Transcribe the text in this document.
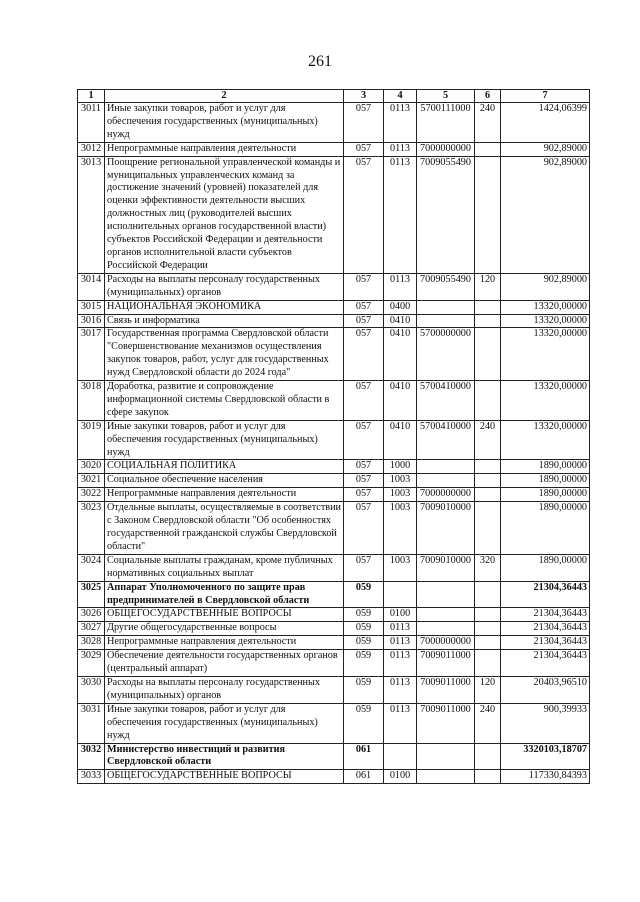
261
1	2	3	4	5	6	7
3011	Иные закупки товаров, работ и услуг для обеспечения государственных (муниципальных) нужд	057	0113	5700111000	240	1424,06399
3012	Непрограммные направления деятельности	057	0113	7000000000		902,89000
3013	Поощрение региональной управленческой команды и муниципальных управленческих команд за достижение значений (уровней) показателей для оценки эффективности деятельности высших должностных лиц (руководителей высших исполнительных органов государственной власти) субъектов Российской Федерации и деятельности органов исполнительной власти субъектов Российской Федерации	057	0113	7009055490		902,89000
3014	Расходы на выплаты персоналу государственных (муниципальных) органов	057	0113	7009055490	120	902,89000
3015	НАЦИОНАЛЬНАЯ ЭКОНОМИКА	057	0400			13320,00000
3016	Связь и информатика	057	0410			13320,00000
3017	Государственная программа Свердловской области "Совершенствование механизмов осуществления закупок товаров, работ, услуг для государственных нужд Свердловской области до 2024 года"	057	0410	5700000000		13320,00000
3018	Доработка, развитие и сопровождение информационной системы Свердловской области в сфере закупок	057	0410	5700410000		13320,00000
3019	Иные закупки товаров, работ и услуг для обеспечения государственных (муниципальных) нужд	057	0410	5700410000	240	13320,00000
3020	СОЦИАЛЬНАЯ ПОЛИТИКА	057	1000			1890,00000
3021	Социальное обеспечение населения	057	1003			1890,00000
3022	Непрограммные направления деятельности	057	1003	7000000000		1890,00000
3023	Отдельные выплаты, осуществляемые в соответствии с Законом Свердловской области "Об особенностях государственной гражданской службы Свердловской области"	057	1003	7009010000		1890,00000
3024	Социальные выплаты гражданам, кроме публичных нормативных социальных выплат	057	1003	7009010000	320	1890,00000
3025	Аппарат Уполномоченного по защите прав предпринимателей в Свердловской области	059				21304,36443
3026	ОБЩЕГОСУДАРСТВЕННЫЕ ВОПРОСЫ	059	0100			21304,36443
3027	Другие общегосударственные вопросы	059	0113			21304,36443
3028	Непрограммные направления деятельности	059	0113	7000000000		21304,36443
3029	Обеспечение деятельности государственных органов (центральный аппарат)	059	0113	7009011000		21304,36443
3030	Расходы на выплаты персоналу государственных (муниципальных) органов	059	0113	7009011000	120	20403,96510
3031	Иные закупки товаров, работ и услуг для обеспечения государственных (муниципальных) нужд	059	0113	7009011000	240	900,39933
3032	Министерство инвестиций и развития Свердловской области	061				3320103,18707
3033	ОБЩЕГОСУДАРСТВЕННЫЕ ВОПРОСЫ	061	0100			117330,84393
